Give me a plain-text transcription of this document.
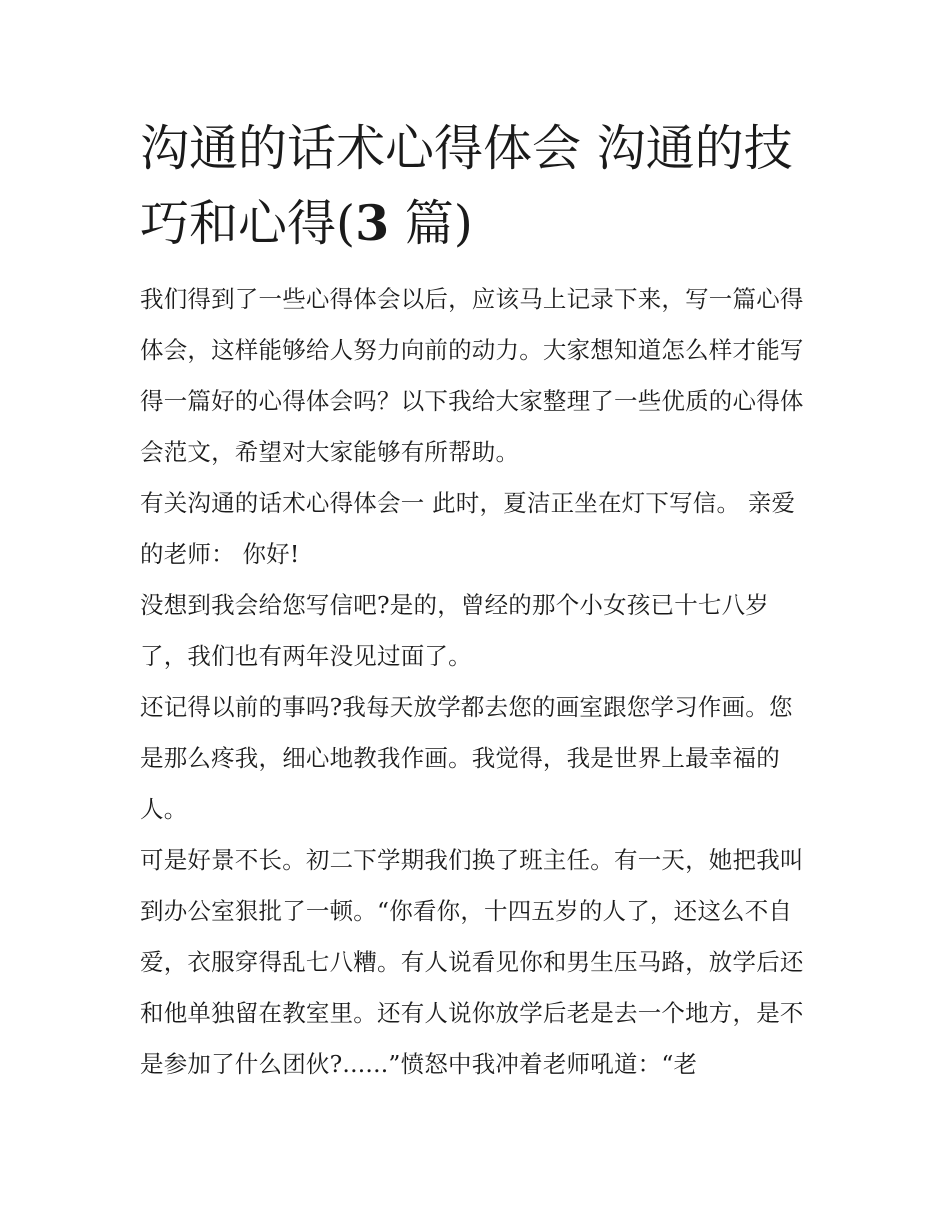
沟通的话术心得体会 沟通的技
巧和心得(3 篇)

我们得到了一些心得体会以后，应该马上记录下来，写一篇心得体会，这样能够给人努力向前的动力。大家想知道怎么样才能写得一篇好的心得体会吗？以下我给大家整理了一些优质的心得体会范文，希望对大家能够有所帮助。

有关沟通的话术心得体会一 此时，夏洁正坐在灯下写信。 亲爱的老师： 你好!

没想到我会给您写信吧?是的，曾经的那个小女孩已十七八岁了，我们也有两年没见过面了。

还记得以前的事吗?我每天放学都去您的画室跟您学习作画。您是那么疼我，细心地教我作画。我觉得，我是世界上最幸福的人。

可是好景不长。初二下学期我们换了班主任。有一天，她把我叫到办公室狠批了一顿。“你看你，十四五岁的人了，还这么不自爱，衣服穿得乱七八糟。有人说看见你和男生压马路，放学后还和他单独留在教室里。还有人说你放学后老是去一个地方，是不是参加了什么团伙?......”愤怒中我冲着老师吼道：“老
